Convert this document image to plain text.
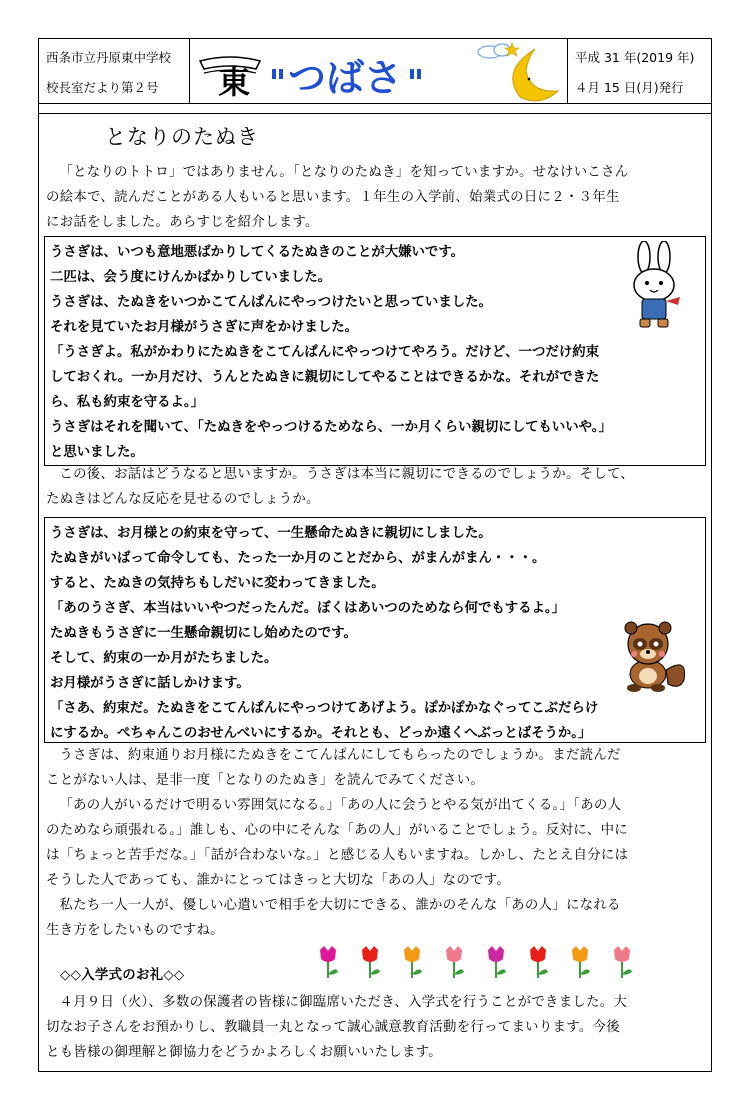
西条市立丹原東中学校
校長室だより第２号	東 つばさ	平成 31 年(2019 年)
４月 15 日(月)発行
となりのたぬき
「となりのトトロ」ではありません。「となりのたぬき」を知っていますか。せなけいこさん
の絵本で、読んだことがある人もいると思います。１年生の入学前、始業式の日に２・３年生
にお話をしました。あらすじを紹介します。
うさぎは、いつも意地悪ばかりしてくるたぬきのことが大嫌いです。
二匹は、会う度にけんかばかりしていました。
うさぎは、たぬきをいつかこてんぱんにやっつけたいと思っていました。
それを見ていたお月様がうさぎに声をかけました。
「うさぎよ。私がかわりにたぬきをこてんぱんにやっつけてやろう。だけど、一つだけ約束
しておくれ。一か月だけ、うんとたぬきに親切にしてやることはできるかな。それができた
ら、私も約束を守るよ。」
うさぎはそれを聞いて、「たぬきをやっつけるためなら、一か月くらい親切にしてもいいや。」
と思いました。
この後、お話はどうなると思いますか。うさぎは本当に親切にできるのでしょうか。そして、
たぬきはどんな反応を見せるのでしょうか。
うさぎは、お月様との約束を守って、一生懸命たぬきに親切にしました。
たぬきがいばって命令しても、たった一か月のことだから、がまんがまん・・・。
すると、たぬきの気持ちもしだいに変わってきました。
「あのうさぎ、本当はいいやつだったんだ。ぼくはあいつのためなら何でもするよ。」
たぬきもうさぎに一生懸命親切にし始めたのです。
そして、約束の一か月がたちました。
お月様がうさぎに話しかけます。
「さあ、約束だ。たぬきをこてんぱんにやっつけてあげよう。ぽかぽかなぐってこぶだらけ
にするか。ぺちゃんこのおせんべいにするか。それとも、どっか遠くへぶっとばそうか。」
うさぎは、約束通りお月様にたぬきをこてんぱんにしてもらったのでしょうか。まだ読んだ
ことがない人は、是非一度「となりのたぬき」を読んでみてください。
「あの人がいるだけで明るい雰囲気になる。」「あの人に会うとやる気が出てくる。」「あの人
のためなら頑張れる。」誰しも、心の中にそんな「あの人」がいることでしょう。反対に、中に
は「ちょっと苦手だな。」「話が合わないな。」と感じる人もいますね。しかし、たとえ自分には
そうした人であっても、誰かにとってはきっと大切な「あの人」なのです。
私たち一人一人が、優しい心遣いで相手を大切にできる、誰かのそんな「あの人」になれる
生き方をしたいものですね。
◇◇入学式のお礼◇◇
４月９日（火）、多数の保護者の皆様に御臨席いただき、入学式を行うことができました。大
切なお子さんをお預かりし、教職員一丸となって誠心誠意教育活動を行ってまいります。今後
とも皆様の御理解と御協力をどうかよろしくお願いいたします。
